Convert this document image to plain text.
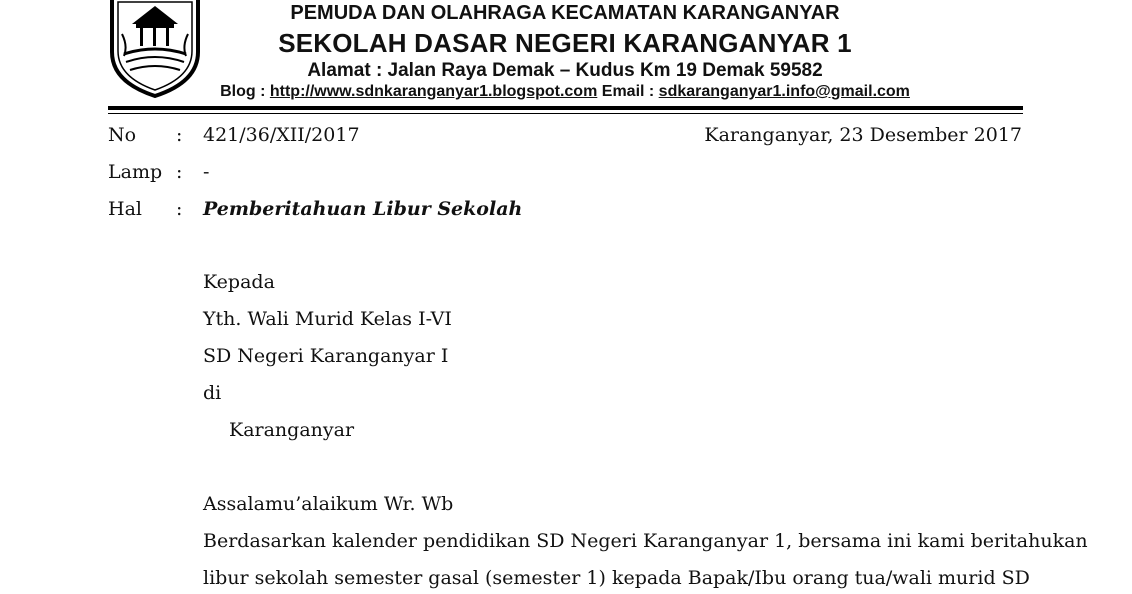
PEMUDA DAN OLAHRAGA KECAMATAN KARANGANYAR
SEKOLAH DASAR NEGERI KARANGANYAR 1
Alamat : Jalan Raya Demak – Kudus Km 19 Demak 59582
Blog : http://www.sdnkaranganyar1.blogspot.com Email : sdkaranganyar1.info@gmail.com
No : 421/36/XII/2017	Karanganyar, 23 Desember 2017
Lamp : -
Hal : Pemberitahuan Libur Sekolah
Kepada
Yth. Wali Murid Kelas I-VI
SD Negeri Karanganyar I
di
Karanganyar
Assalamu’alaikum Wr. Wb
Berdasarkan kalender pendidikan SD Negeri Karanganyar 1, bersama ini kami beritahukan
libur sekolah semester gasal (semester 1) kepada Bapak/Ibu orang tua/wali murid SD
